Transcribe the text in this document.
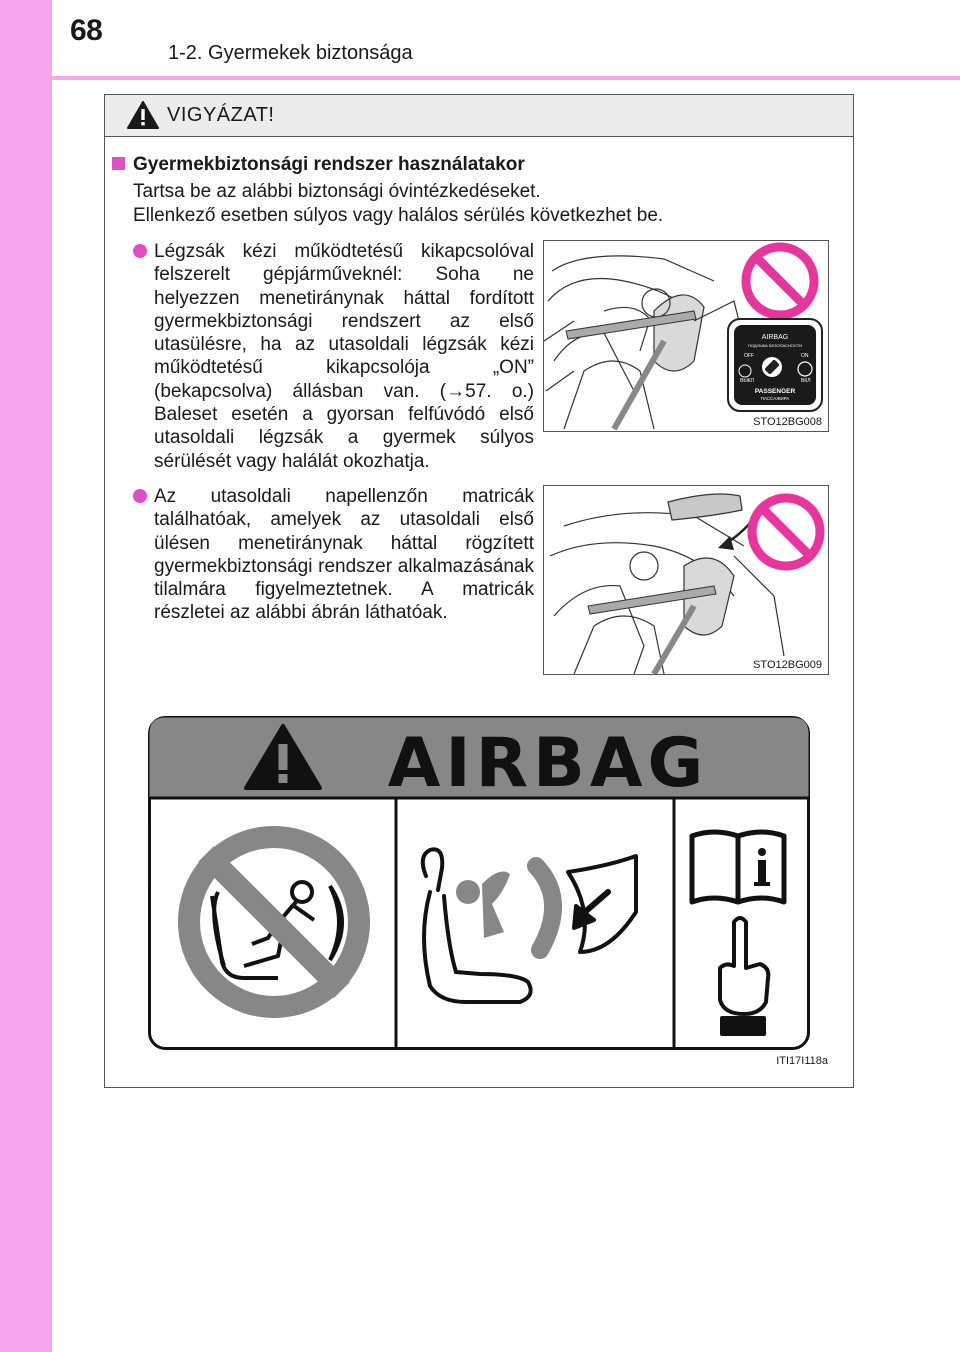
68
1-2. Gyermekek biztonsága
VIGYÁZAT!
Gyermekbiztonsági rendszer használatakor
Tartsa be az alábbi biztonsági óvintézkedéseket.
Ellenkező esetben súlyos vagy halálos sérülés következhet be.
Légzsák kézi működtetésű kikapcsolóval felszerelt gépjárműveknél: Soha ne helyezzen menetiránynak háttal fordított gyermekbiztonsági rendszert az első utasülésre, ha az utasoldali légzsák kézi működtetésű kikapcsolója „ON” (bekapcsolva) állásban van. (→57. o.) Baleset esetén a gyorsan felfúvódó első utasoldali légzsák a gyermek súlyos sérülését vagy halálát okozhatja.
AIRBAG
ПОДУШКА БЕЗОПАСНОСТИ
OFF	ON
ВЫКЛ	ВКЛ
PASSENGER
ПАССАЖИРА
STO12BG008
Az utasoldali napellenzőn matricák találhatóak, amelyek az utasoldali első ülésen menetiránynak háttal rögzített gyermekbiztonsági rendszer alkalmazásának tilalmára figyelmeztetnek. A matricák részletei az alábbi ábrán láthatóak.
STO12BG009
AIRBAG
ITI17I118a
